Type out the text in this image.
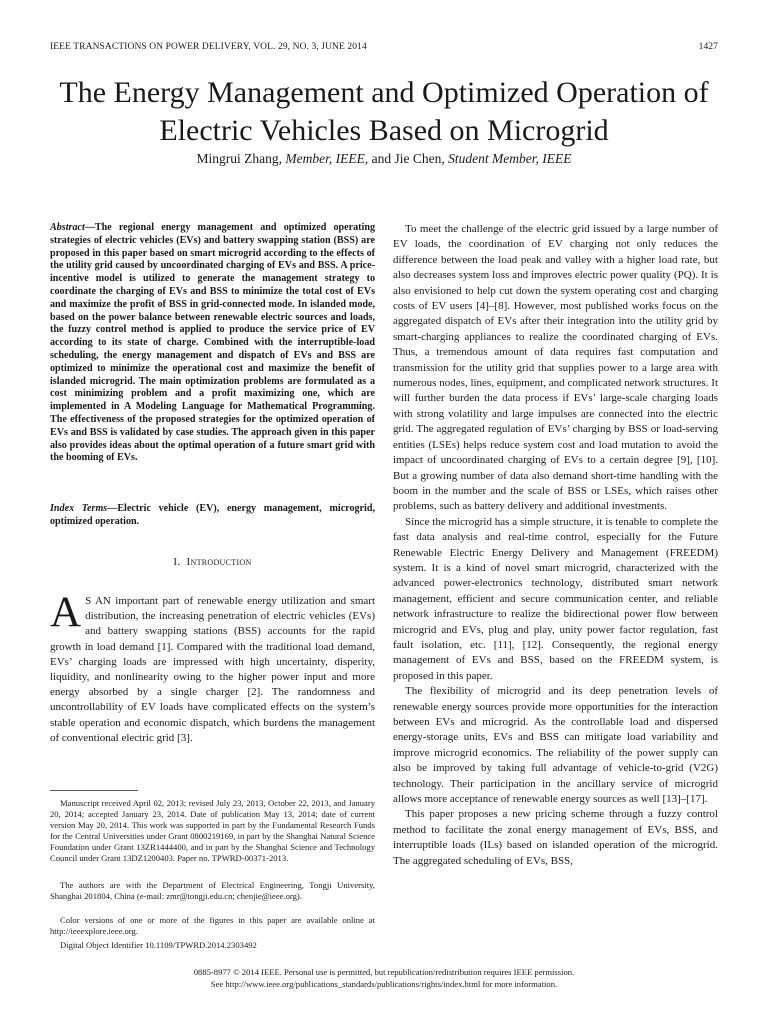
IEEE TRANSACTIONS ON POWER DELIVERY, VOL. 29, NO. 3, JUNE 2014	1427
The Energy Management and Optimized Operation of Electric Vehicles Based on Microgrid
Mingrui Zhang, Member, IEEE, and Jie Chen, Student Member, IEEE

Abstract—The regional energy management and optimized operating strategies of electric vehicles (EVs) and battery swapping station (BSS) are proposed in this paper based on smart microgrid according to the effects of the utility grid caused by uncoordinated charging of EVs and BSS. A price-incentive model is utilized to generate the management strategy to coordinate the charging of EVs and BSS to minimize the total cost of EVs and maximize the profit of BSS in grid-connected mode. In islanded mode, based on the power balance between renewable electric sources and loads, the fuzzy control method is applied to produce the service price of EV according to its state of charge. Combined with the interruptible-load scheduling, the energy management and dispatch of EVs and BSS are optimized to minimize the operational cost and maximize the benefit of islanded microgrid. The main optimization problems are formulated as a cost minimizing problem and a profit maximizing one, which are implemented in A Modeling Language for Mathematical Programming. The effectiveness of the proposed strategies for the optimized operation of EVs and BSS is validated by case studies. The approach given in this paper also provides ideas about the optimal operation of a future smart grid with the booming of EVs.

Index Terms—Electric vehicle (EV), energy management, microgrid, optimized operation.

I. Introduction

A S AN important part of renewable energy utilization and smart distribution, the increasing penetration of electric vehicles (EVs) and battery swapping stations (BSS) accounts for the rapid growth in load demand [1]. Compared with the traditional load demand, EVs’ charging loads are impressed with high uncertainty, disperity, liquidity, and nonlinearity owing to the higher power input and more energy absorbed by a single charger [2]. The randomness and uncontrollability of EV loads have complicated effects on the system’s stable operation and economic dispatch, which burdens the management of conventional electric grid [3].

Manuscript received April 02, 2013; revised July 23, 2013, October 22, 2013, and January 20, 2014; accepted January 23, 2014. Date of publication May 13, 2014; date of current version May 20, 2014. This work was supported in part by the Fundamental Research Funds for the Central Universities under Grant 0800219169, in part by the Shanghai Natural Science Foundation under Grant 13ZR1444400, and in part by the Shanghai Science and Technology Council under Grant 13DZ1200403. Paper no. TPWRD-00371-2013.

The authors are with the Department of Electrical Engineering, Tongji University, Shanghai 201804, China (e-mail: zmr@tongji.edu.cn; chenjie@ieee.org).

Color versions of one or more of the figures in this paper are available online at http://ieeexplore.ieee.org.

Digital Object Identifier 10.1109/TPWRD.2014.2303492

To meet the challenge of the electric grid issued by a large number of EV loads, the coordination of EV charging not only reduces the difference between the load peak and valley with a higher load rate, but also decreases system loss and improves electric power quality (PQ). It is also envisioned to help cut down the system operating cost and charging costs of EV users [4]–[8]. However, most published works focus on the aggregated dispatch of EVs after their integration into the utility grid by smart-charging appliances to realize the coordinated charging of EVs. Thus, a tremendous amount of data requires fast computation and transmission for the utility grid that supplies power to a large area with numerous nodes, lines, equipment, and complicated network structures. It will further burden the data process if EVs’ large-scale charging loads with strong volatility and large impulses are connected into the electric grid. The aggregated regulation of EVs’ charging by BSS or load-serving entities (LSEs) helps reduce system cost and load mutation to avoid the impact of uncoordinated charging of EVs to a certain degree [9], [10]. But a growing number of data also demand short-time handling with the boom in the number and the scale of BSS or LSEs, which raises other problems, such as battery delivery and additional investments.

Since the microgrid has a simple structure, it is tenable to complete the fast data analysis and real-time control, especially for the Future Renewable Electric Energy Delivery and Management (FREEDM) system. It is a kind of novel smart microgrid, characterized with the advanced power-electronics technology, distributed smart network management, efficient and secure communication center, and reliable network infrastructure to realize the bidirectional power flow between microgrid and EVs, plug and play, unity power factor regulation, fast fault isolation, etc. [11], [12]. Consequently, the regional energy management of EVs and BSS, based on the FREEDM system, is proposed in this paper.

The flexibility of microgrid and its deep penetration levels of renewable energy sources provide more opportunities for the interaction between EVs and microgrid. As the controllable load and dispersed energy-storage units, EVs and BSS can mitigate load variability and improve microgrid economics. The reliability of the power supply can also be improved by taking full advantage of vehicle-to-grid (V2G) technology. Their participation in the ancillary service of microgrid allows more acceptance of renewable energy sources as well [13]–[17].

This paper proposes a new pricing scheme through a fuzzy control method to facilitate the zonal energy management of EVs, BSS, and interruptible loads (ILs) based on islanded operation of the microgrid. The aggregated scheduling of EVs, BSS,

0885-8977 © 2014 IEEE. Personal use is permitted, but republication/redistribution requires IEEE permission.
See http://www.ieee.org/publications_standards/publications/rights/index.html for more information.
